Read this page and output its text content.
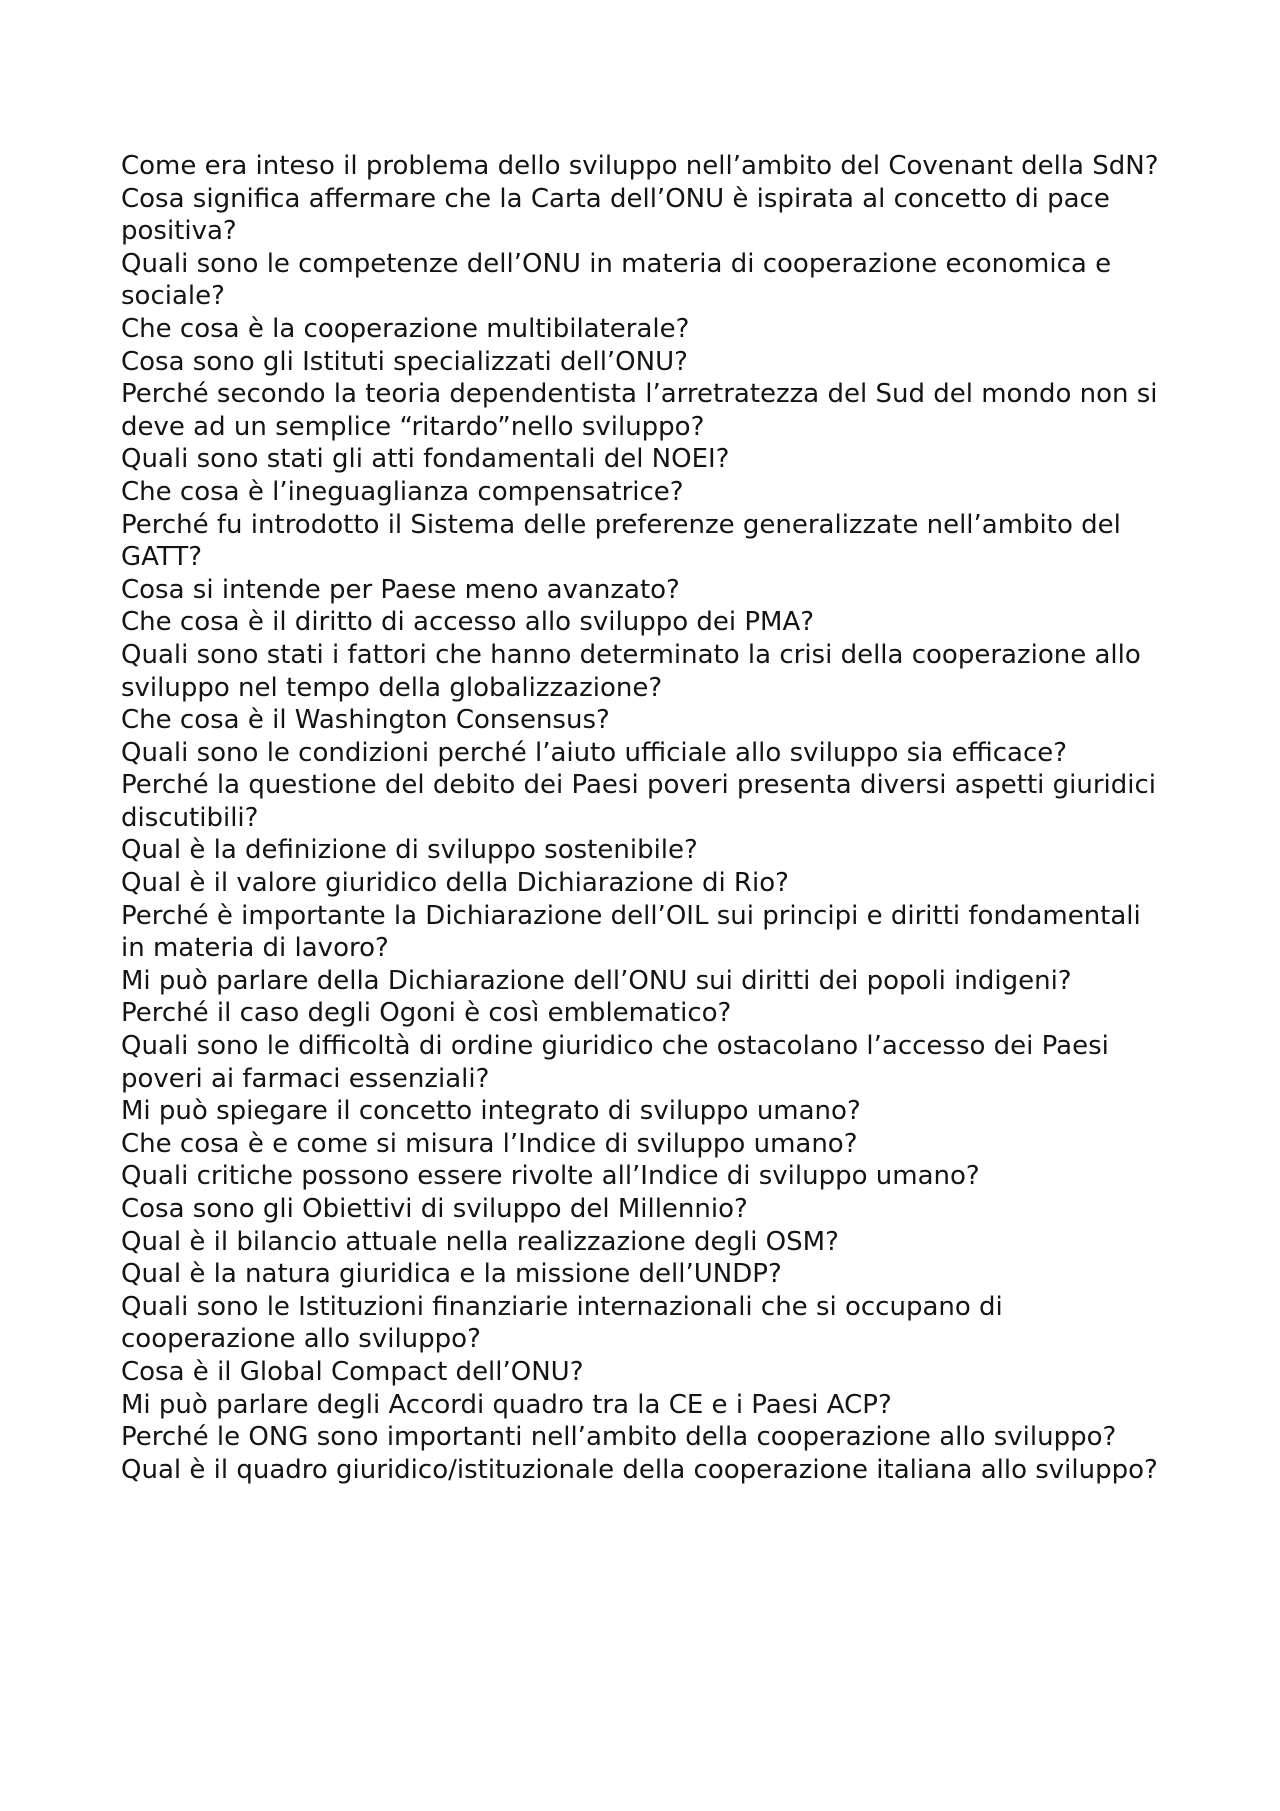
Come era inteso il problema dello sviluppo nell’ambito del Covenant della SdN?
Cosa significa affermare che la Carta dell’ONU è ispirata al concetto di pace positiva?
Quali sono le competenze dell’ONU in materia di cooperazione economica e sociale?
Che cosa è la cooperazione multibilaterale?
Cosa sono gli Istituti specializzati dell’ONU?
Perché secondo la teoria dependentista l’arretratezza del Sud del mondo non si deve ad un semplice “ritardo”nello sviluppo?
Quali sono stati gli atti fondamentali del NOEI?
Che cosa è l’ineguaglianza compensatrice?
Perché fu introdotto il Sistema delle preferenze generalizzate nell’ambito del GATT?
Cosa si intende per Paese meno avanzato?
Che cosa è il diritto di accesso allo sviluppo dei PMA?
Quali sono stati i fattori che hanno determinato la crisi della cooperazione allo sviluppo nel tempo della globalizzazione?
Che cosa è il Washington Consensus?
Quali sono le condizioni perché l’aiuto ufficiale allo sviluppo sia efficace?
Perché la questione del debito dei Paesi poveri presenta diversi aspetti giuridici discutibili?
Qual è la definizione di sviluppo sostenibile?
Qual è il valore giuridico della Dichiarazione di Rio?
Perché è importante la Dichiarazione dell’OIL sui principi e diritti fondamentali in materia di lavoro?
Mi può parlare della Dichiarazione dell’ONU sui diritti dei popoli indigeni?
Perché il caso degli Ogoni è così emblematico?
Quali sono le difficoltà di ordine giuridico che ostacolano l’accesso dei Paesi poveri ai farmaci essenziali?
Mi può spiegare il concetto integrato di sviluppo umano?
Che cosa è e come si misura l’Indice di sviluppo umano?
Quali critiche possono essere rivolte all’Indice di sviluppo umano?
Cosa sono gli Obiettivi di sviluppo del Millennio?
Qual è il bilancio attuale nella realizzazione degli OSM?
Qual è la natura giuridica e la missione dell’UNDP?
Quali sono le Istituzioni finanziarie internazionali che si occupano di cooperazione allo sviluppo?
Cosa è il Global Compact dell’ONU?
Mi può parlare degli Accordi quadro tra la CE e i Paesi ACP?
Perché le ONG sono importanti nell’ambito della cooperazione allo sviluppo?
Qual è il quadro giuridico/istituzionale della cooperazione italiana allo sviluppo?
